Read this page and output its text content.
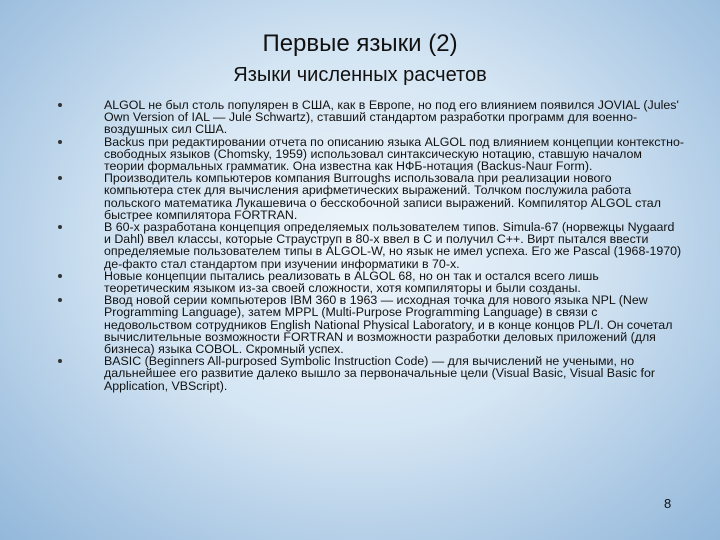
Первые языки (2)
Языки численных расчетов
ALGOL не был столь популярен в США, как в Европе, но под его влиянием появился JOVIAL (Jules' Own Version of IAL — Jule Schwartz), ставший стандартом разработки программ для военно-воздушных сил США.
Backus при редактировании отчета по описанию языка ALGOL под влиянием концепции контекстно-свободных языков (Chomsky, 1959) использовал синтаксическую нотацию, ставшую началом теории формальных грамматик. Она известна как НФБ-нотация (Backus-Naur Form).
Производитель компьютеров компания Burroughs использовала при реализации нового компьютера стек для вычисления арифметических выражений. Толчком послужила работа польского математика Лукашевича о бесскобочной записи выражений. Компилятор ALGOL стал быстрее компилятора FORTRAN.
В 60-х разработана концепция определяемых пользователем типов. Simula-67 (норвежцы Nygaard и Dahl) ввел классы, которые Страуструп в 80-х ввел в С и получил C++. Вирт пытался ввести определяемые пользователем типы в ALGOL-W, но язык не имел успеха. Его же Pascal (1968‑1970) де-факто стал стандартом при изучении информатики в 70-х.
Новые концепции пытались реализовать в ALGOL 68, но он так и остался всего лишь теоретическим языком из‑за своей сложности, хотя компиляторы и были созданы.
Ввод новой серии компьютеров IBM 360 в 1963 — исходная точка для нового языка NPL (New Programming Language), затем MPPL (Multi-Purpose Programming Language) в связи с недовольством сотрудников English National Physical Laboratory, и в конце концов PL/I. Он сочетал вычислительные возможности FORTRAN и возможности разработки деловых приложений (для бизнеса) языка COBOL. Скромный успех.
BASIC (Beginners All-purposed Symbolic Instruction Code) — для вычислений не учеными, но дальнейшее его развитие далеко вышло за первоначальные цели (Visual Basic, Visual Basic for Application, VBScript).
8
